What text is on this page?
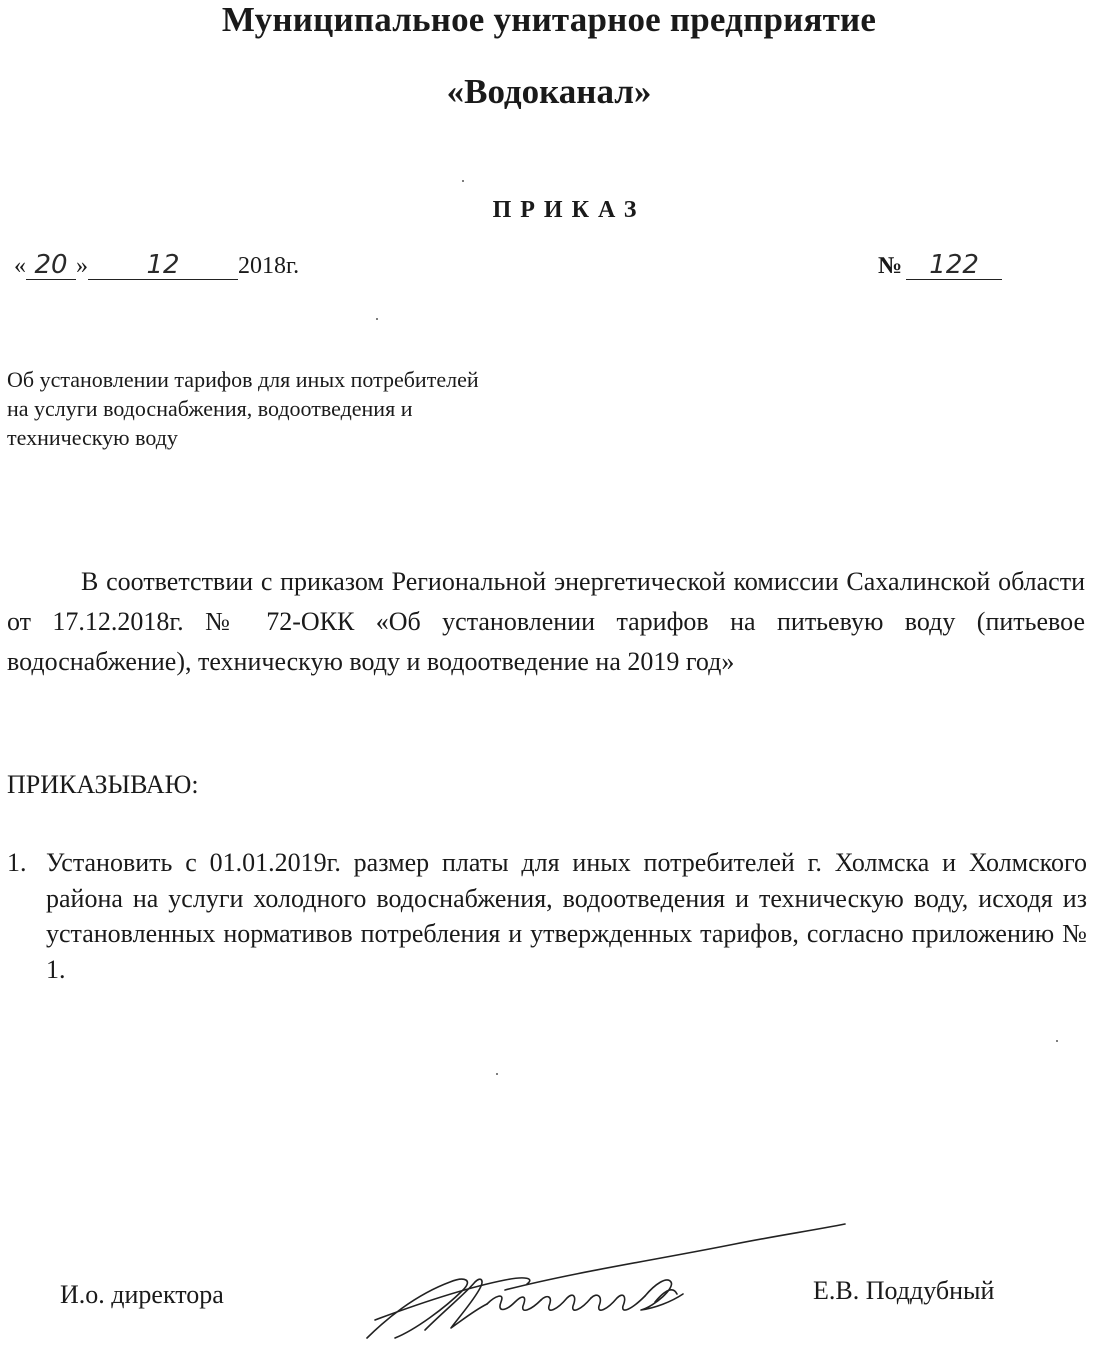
Муниципальное унитарное предприятие
«Водоканал»
ПРИКАЗ
« 20 » 12 2018г.	№ 122
Об установлении тарифов для иных потребителей
на услуги водоснабжения, водоотведения и
техническую воду
В соответствии с приказом Региональной энергетической комиссии Сахалинской области от 17.12.2018г. № 72-ОКК «Об установлении тарифов на питьевую воду (питьевое водоснабжение), техническую воду и водоотведение на 2019 год»
ПРИКАЗЫВАЮ:
1. Установить с 01.01.2019г. размер платы для иных потребителей г. Холмска и Холмского района на услуги холодного водоснабжения, водоотведения и техническую воду, исходя из установленных нормативов потребления и утвержденных тарифов, согласно приложению № 1.
И.о. директора	Е.В. Поддубный
